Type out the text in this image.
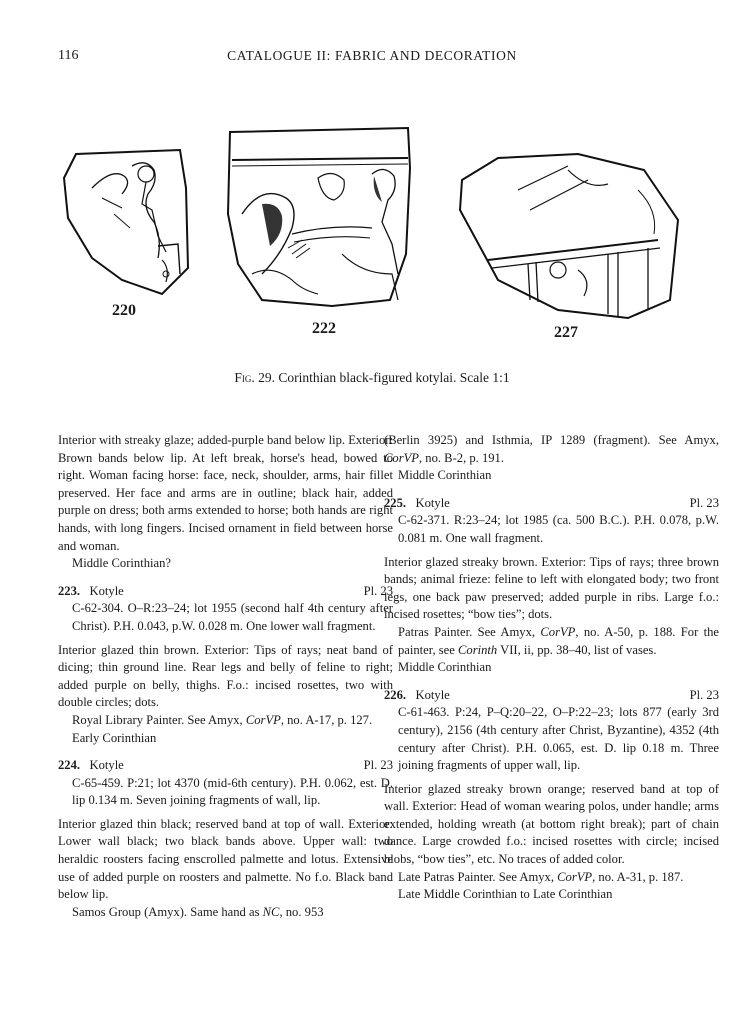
116	CATALOGUE II: FABRIC AND DECORATION
220
222	227
Fig. 29. Corinthian black-figured kotylai. Scale 1:1

Interior with streaky glaze; added-purple band below lip. Exterior: Brown bands below lip. At left break, horse's head, bowed to right. Woman facing horse: face, neck, shoulder, arms, hair fillet preserved. Her face and arms are in outline; black hair, added purple on dress; both arms extended to horse; both hands are right hands, with long fingers. Incised ornament in field between horse and woman.

Middle Corinthian?

223. Kotyle	Pl. 23

C-62-304. O–R:23–24; lot 1955 (second half 4th century after Christ). P.H. 0.043, p.W. 0.028 m. One lower wall fragment.

Interior glazed thin brown. Exterior: Tips of rays; neat band of dicing; thin ground line. Rear legs and belly of feline to right; added purple on belly, thighs. F.o.: incised rosettes, two with double circles; dots.

Royal Library Painter. See Amyx, CorVP, no. A-17, p. 127.

Early Corinthian

224. Kotyle	Pl. 23

C-65-459. P:21; lot 4370 (mid-6th century). P.H. 0.062, est. D. lip 0.134 m. Seven joining fragments of wall, lip.

Interior glazed thin black; reserved band at top of wall. Exterior: Lower wall black; two black bands above. Upper wall: two heraldic roosters facing enscrolled palmette and lotus. Extensive use of added purple on roosters and palmette. No f.o. Black band below lip.

Samos Group (Amyx). Same hand as NC, no. 953

(Berlin 3925) and Isthmia, IP 1289 (fragment). See Amyx, CorVP, no. B-2, p. 191.

Middle Corinthian

225. Kotyle	Pl. 23

C-62-371. R:23–24; lot 1985 (ca. 500 B.C.). P.H. 0.078, p.W. 0.081 m. One wall fragment.

Interior glazed streaky brown. Exterior: Tips of rays; three brown bands; animal frieze: feline to left with elongated body; two front legs, one back paw preserved; added purple in ribs. Large f.o.: incised rosettes; “bow ties”; dots.

Patras Painter. See Amyx, CorVP, no. A-50, p. 188. For the painter, see Corinth VII, ii, pp. 38–40, list of vases.

Middle Corinthian

226. Kotyle	Pl. 23

C-61-463. P:24, P–Q:20–22, O–P:22–23; lots 877 (early 3rd century), 2156 (4th century after Christ, Byzantine), 4352 (4th century after Christ). P.H. 0.065, est. D. lip 0.18 m. Three joining fragments of upper wall, lip.

Interior glazed streaky brown orange; reserved band at top of wall. Exterior: Head of woman wearing polos, under handle; arms extended, holding wreath (at bottom right break); part of chain dance. Large crowded f.o.: incised rosettes with circle; incised blobs, “bow ties”, etc. No traces of added color.

Late Patras Painter. See Amyx, CorVP, no. A-31, p. 187.

Late Middle Corinthian to Late Corinthian
